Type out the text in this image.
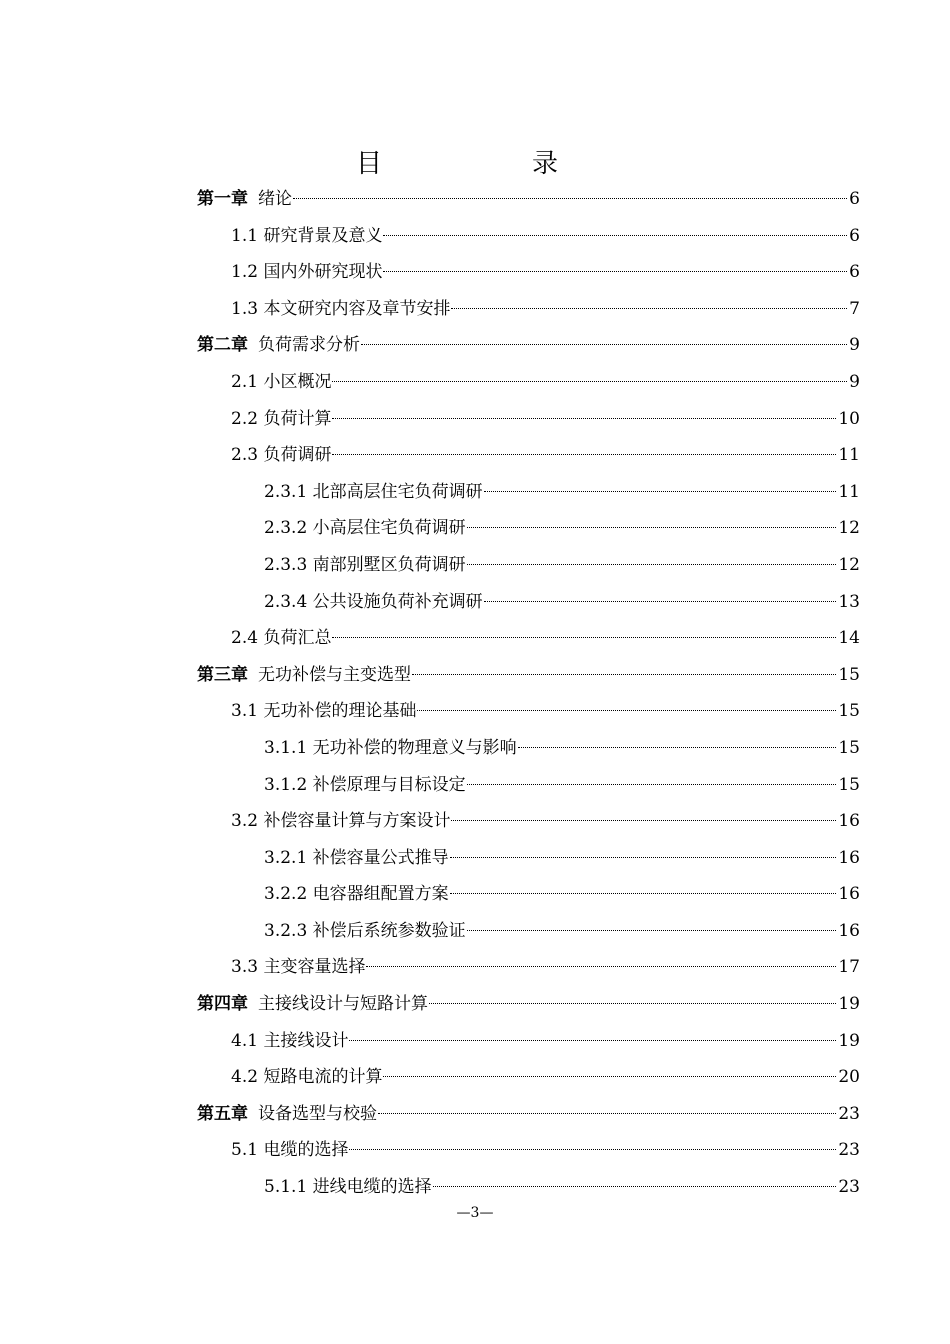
目　录
第一章 绪论	6
1.1 研究背景及意义	6
1.2 国内外研究现状	6
1.3 本文研究内容及章节安排	7
第二章 负荷需求分析	9
2.1 小区概况	9
2.2 负荷计算	10
2.3 负荷调研	11
2.3.1 北部高层住宅负荷调研	11
2.3.2 小高层住宅负荷调研	12
2.3.3 南部别墅区负荷调研	12
2.3.4 公共设施负荷补充调研	13
2.4 负荷汇总	14
第三章 无功补偿与主变选型	15
3.1 无功补偿的理论基础	15
3.1.1 无功补偿的物理意义与影响	15
3.1.2 补偿原理与目标设定	15
3.2 补偿容量计算与方案设计	16
3.2.1 补偿容量公式推导	16
3.2.2 电容器组配置方案	16
3.2.3 补偿后系统参数验证	16
3.3 主变容量选择	17
第四章 主接线设计与短路计算	19
4.1 主接线设计	19
4.2 短路电流的计算	20
第五章 设备选型与校验	23
5.1 电缆的选择	23
5.1.1 进线电缆的选择	23
—3—
